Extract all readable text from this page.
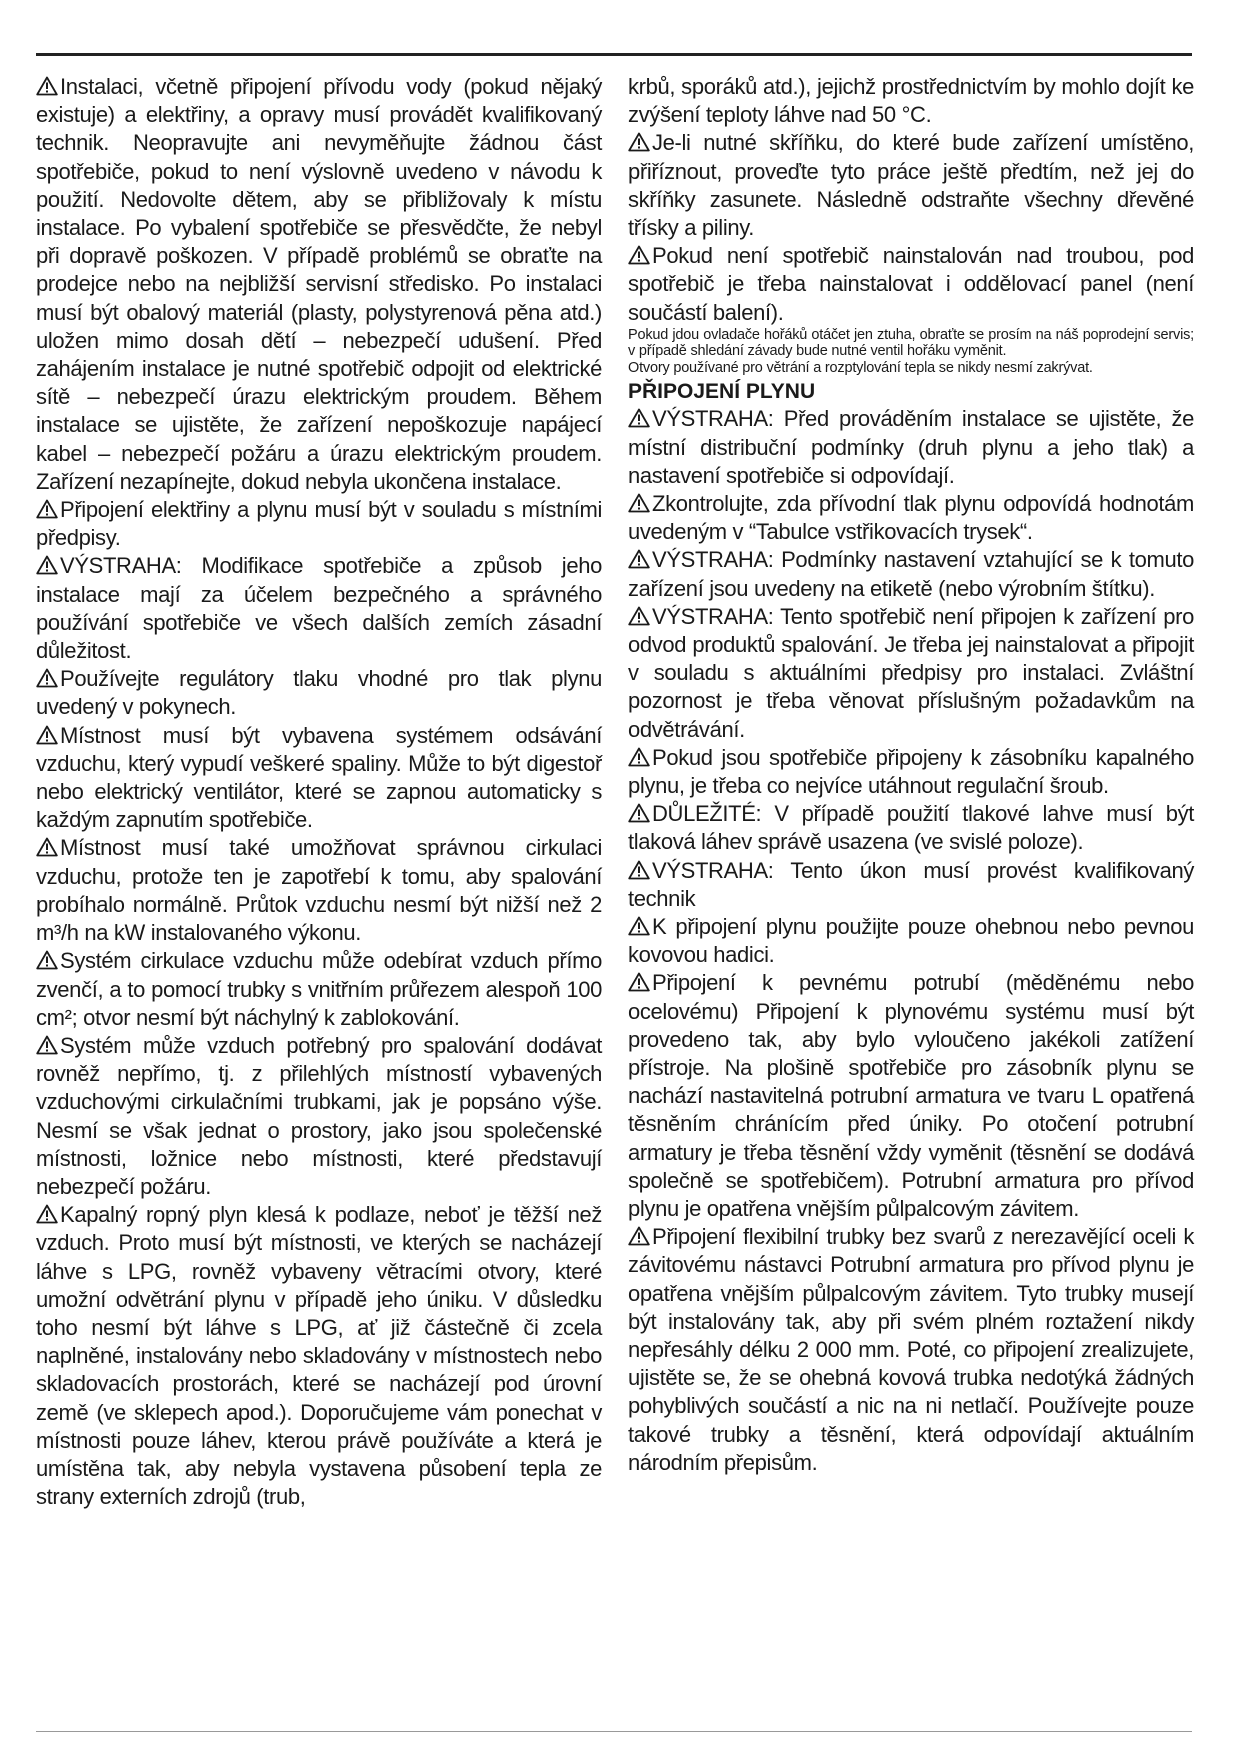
Instalaci, včetně připojení přívodu vody (pokud nějaký existuje) a elektřiny, a opravy musí provádět kvalifikovaný technik. Neopravujte ani nevyměňujte žádnou část spotřebiče, pokud to není výslovně uvedeno v návodu k použití. Nedovolte dětem, aby se přibližovaly k místu instalace. Po vybalení spotřebiče se přesvědčte, že nebyl při dopravě poškozen. V případě problémů se obraťte na prodejce nebo na nejbližší servisní středisko. Po instalaci musí být obalový materiál (plasty, polystyrenová pěna atd.) uložen mimo dosah dětí – nebezpečí udušení. Před zahájením instalace je nutné spotřebič odpojit od elektrické sítě – nebezpečí úrazu elektrickým proudem. Během instalace se ujistěte, že zařízení nepoškozuje napájecí kabel – nebezpečí požáru a úrazu elektrickým proudem. Zařízení nezapínejte, dokud nebyla ukončena instalace.

Připojení elektřiny a plynu musí být v souladu s místními předpisy.

VÝSTRAHA: Modifikace spotřebiče a způsob jeho instalace mají za účelem bezpečného a správného používání spotřebiče ve všech dalších zemích zásadní důležitost.

Používejte regulátory tlaku vhodné pro tlak plynu uvedený v pokynech.

Místnost musí být vybavena systémem odsávání vzduchu, který vypudí veškeré spaliny. Může to být digestoř nebo elektrický ventilátor, které se zapnou automaticky s každým zapnutím spotřebiče.

Místnost musí také umožňovat správnou cirkulaci vzduchu, protože ten je zapotřebí k tomu, aby spalování probíhalo normálně. Průtok vzduchu nesmí být nižší než 2 m³/h na kW instalovaného výkonu.

Systém cirkulace vzduchu může odebírat vzduch přímo zvenčí, a to pomocí trubky s vnitřním průřezem alespoň 100 cm²; otvor nesmí být náchylný k zablokování.

Systém může vzduch potřebný pro spalování dodávat rovněž nepřímo, tj. z přilehlých místností vybavených vzduchovými cirkulačními trubkami, jak je popsáno výše. Nesmí se však jednat o prostory, jako jsou společenské místnosti, ložnice nebo místnosti, které představují nebezpečí požáru.

Kapalný ropný plyn klesá k podlaze, neboť je těžší než vzduch. Proto musí být místnosti, ve kterých se nacházejí láhve s LPG, rovněž vybaveny větracími otvory, které umožní odvětrání plynu v případě jeho úniku. V důsledku toho nesmí být láhve s LPG, ať již částečně či zcela naplněné, instalovány nebo skladovány v místnostech nebo skladovacích prostorách, které se nacházejí pod úrovní země (ve sklepech apod.). Doporučujeme vám ponechat v místnosti pouze láhev, kterou právě používáte a která je umístěna tak, aby nebyla vystavena působení tepla ze strany externích zdrojů (trub,

krbů, sporáků atd.), jejichž prostřednictvím by mohlo dojít ke zvýšení teploty láhve nad 50 °C.

Je-li nutné skříňku, do které bude zařízení umístěno, přiříznout, proveďte tyto práce ještě předtím, než jej do skříňky zasunete. Následně odstraňte všechny dřevěné třísky a piliny.

Pokud není spotřebič nainstalován nad troubou, pod spotřebič je třeba nainstalovat i oddělovací panel (není součástí balení).

Pokud jdou ovladače hořáků otáčet jen ztuha, obraťte se prosím na náš poprodejní servis; v případě shledání závady bude nutné ventil hořáku vyměnit.

Otvory používané pro větrání a rozptylování tepla se nikdy nesmí zakrývat.

PŘIPOJENÍ PLYNU

VÝSTRAHA: Před prováděním instalace se ujistěte, že místní distribuční podmínky (druh plynu a jeho tlak) a nastavení spotřebiče si odpovídají.

Zkontrolujte, zda přívodní tlak plynu odpovídá hodnotám uvedeným v “Tabulce vstřikovacích trysek“.

VÝSTRAHA: Podmínky nastavení vztahující se k tomuto zařízení jsou uvedeny na etiketě (nebo výrobním štítku).

VÝSTRAHA: Tento spotřebič není připojen k zařízení pro odvod produktů spalování. Je třeba jej nainstalovat a připojit v souladu s aktuálními předpisy pro instalaci. Zvláštní pozornost je třeba věnovat příslušným požadavkům na odvětrávání.

Pokud jsou spotřebiče připojeny k zásobníku kapalného plynu, je třeba co nejvíce utáhnout regulační šroub.

DŮLEŽITÉ: V případě použití tlakové lahve musí být tlaková láhev správě usazena (ve svislé poloze).

VÝSTRAHA: Tento úkon musí provést kvalifikovaný technik

K připojení plynu použijte pouze ohebnou nebo pevnou kovovou hadici.

Připojení k pevnému potrubí (měděnému nebo ocelovému) Připojení k plynovému systému musí být provedeno tak, aby bylo vyloučeno jakékoli zatížení přístroje. Na plošině spotřebiče pro zásobník plynu se nachází nastavitelná potrubní armatura ve tvaru L opatřená těsněním chránícím před úniky. Po otočení potrubní armatury je třeba těsnění vždy vyměnit (těsnění se dodává společně se spotřebičem). Potrubní armatura pro přívod plynu je opatřena vnějším půlpalcovým závitem.

Připojení flexibilní trubky bez svarů z nerezavějící oceli k závitovému nástavci Potrubní armatura pro přívod plynu je opatřena vnějším půlpalcovým závitem. Tyto trubky musejí být instalovány tak, aby při svém plném roztažení nikdy nepřesáhly délku 2 000 mm. Poté, co připojení zrealizujete, ujistěte se, že se ohebná kovová trubka nedotýká žádných pohyblivých součástí a nic na ni netlačí. Používejte pouze takové trubky a těsnění, která odpovídají aktuálním národním přepisům.
